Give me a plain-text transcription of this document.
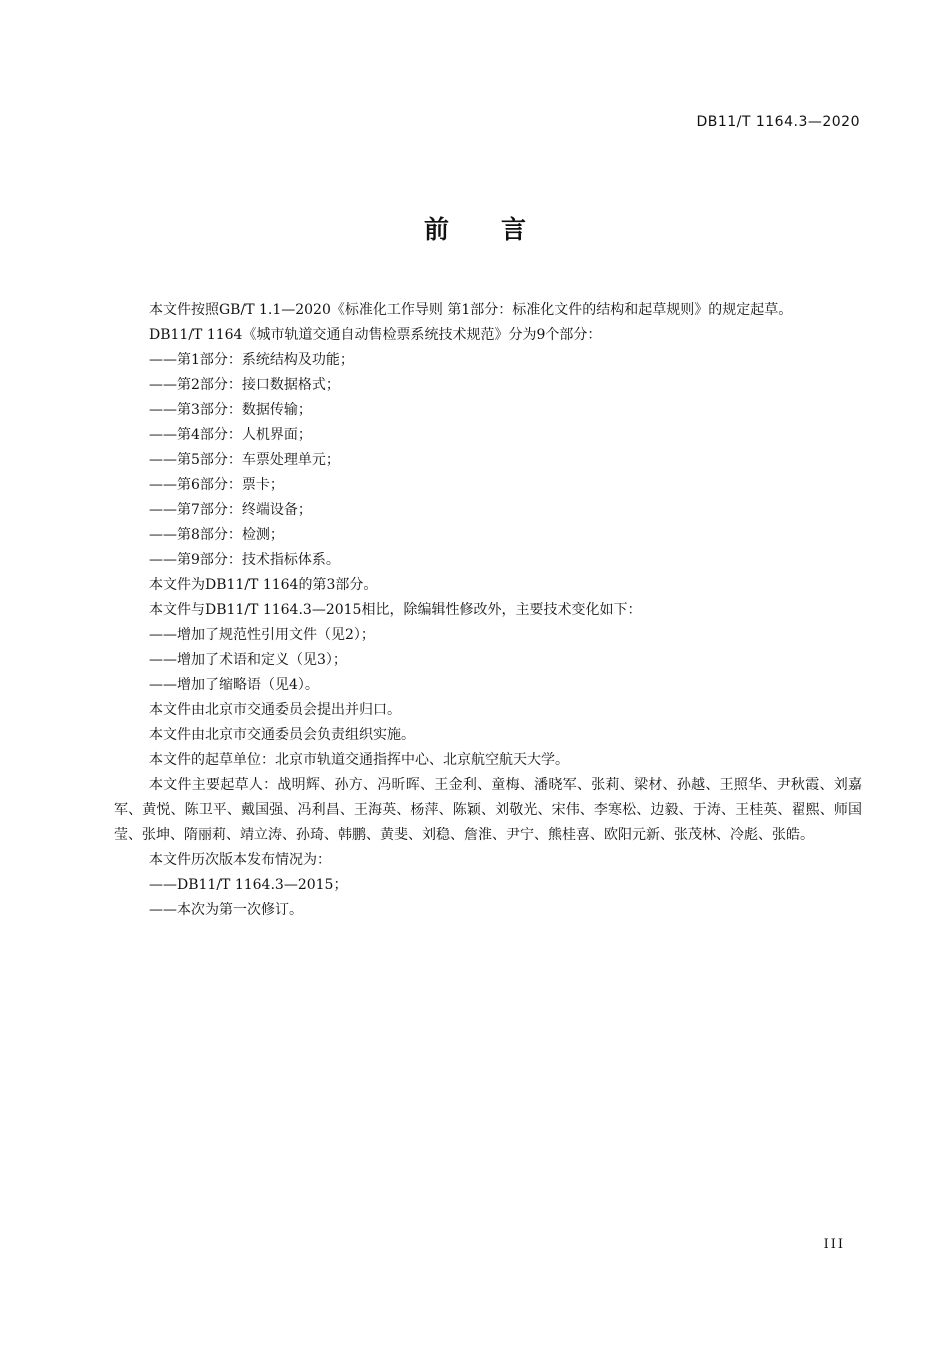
DB11/T 1164.3—2020
前言

本文件按照GB/T 1.1—2020《标准化工作导则 第1部分：标准化文件的结构和起草规则》的规定起草。

DB11/T 1164《城市轨道交通自动售检票系统技术规范》分为9个部分：

——第1部分：系统结构及功能；

——第2部分：接口数据格式；

——第3部分：数据传输；

——第4部分：人机界面；

——第5部分：车票处理单元；

——第6部分：票卡；

——第7部分：终端设备；

——第8部分：检测；

——第9部分：技术指标体系。

本文件为DB11/T 1164的第3部分。

本文件与DB11/T 1164.3—2015相比，除编辑性修改外，主要技术变化如下：

——增加了规范性引用文件（见2）；

——增加了术语和定义（见3）；

——增加了缩略语（见4）。

本文件由北京市交通委员会提出并归口。

本文件由北京市交通委员会负责组织实施。

本文件的起草单位：北京市轨道交通指挥中心、北京航空航天大学。

本文件主要起草人：战明辉、孙方、冯昕晖、王金利、童梅、潘晓军、张莉、梁材、孙越、王照华、尹秋霞、刘嘉军、黄悦、陈卫平、戴国强、冯利昌、王海英、杨萍、陈颖、刘敬光、宋伟、李寒松、边毅、于涛、王桂英、翟熙、师国莹、张坤、隋丽莉、靖立涛、孙琦、韩鹏、黄斐、刘稳、詹淮、尹宁、熊桂喜、欧阳元新、张茂林、冷彪、张皓。

本文件历次版本发布情况为：

——DB11/T 1164.3—2015；

——本次为第一次修订。

III
